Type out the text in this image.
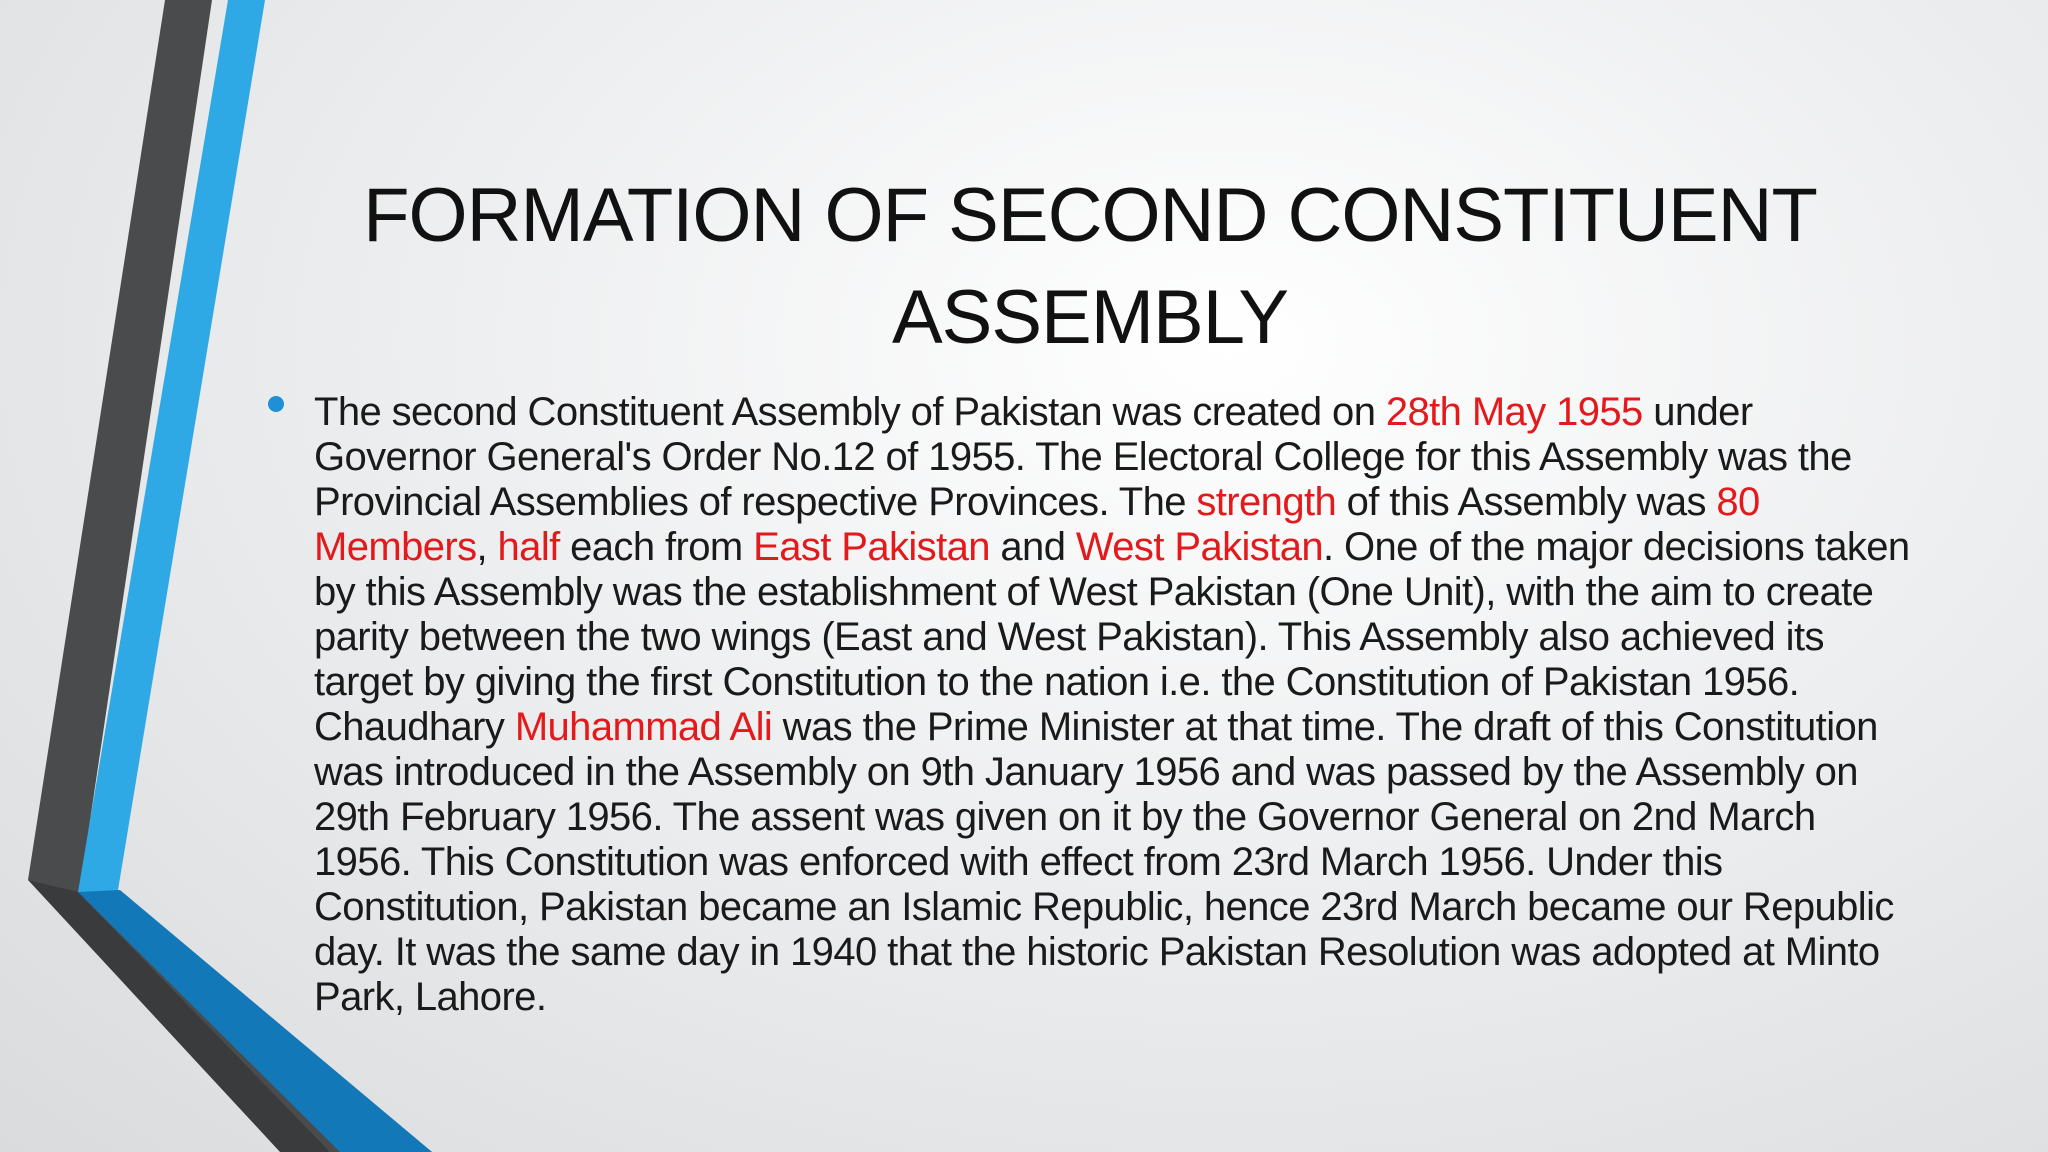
FORMATION OF SECOND CONSTITUENT ASSEMBLY

The second Constituent Assembly of Pakistan was created on 28th May 1955 under Governor General's Order No.12 of 1955. The Electoral College for this Assembly was the Provincial Assemblies of respective Provinces. The strength of this Assembly was 80 Members, half each from East Pakistan and West Pakistan. One of the major decisions taken by this Assembly was the establishment of West Pakistan (One Unit), with the aim to create parity between the two wings (East and West Pakistan). This Assembly also achieved its target by giving the first Constitution to the nation i.e. the Constitution of Pakistan 1956. Chaudhary Muhammad Ali was the Prime Minister at that time. The draft of this Constitution was introduced in the Assembly on 9th January 1956 and was passed by the Assembly on 29th February 1956. The assent was given on it by the Governor General on 2nd March 1956. This Constitution was enforced with effect from 23rd March 1956. Under this Constitution, Pakistan became an Islamic Republic, hence 23rd March became our Republic day. It was the same day in 1940 that the historic Pakistan Resolution was adopted at Minto Park, Lahore.
